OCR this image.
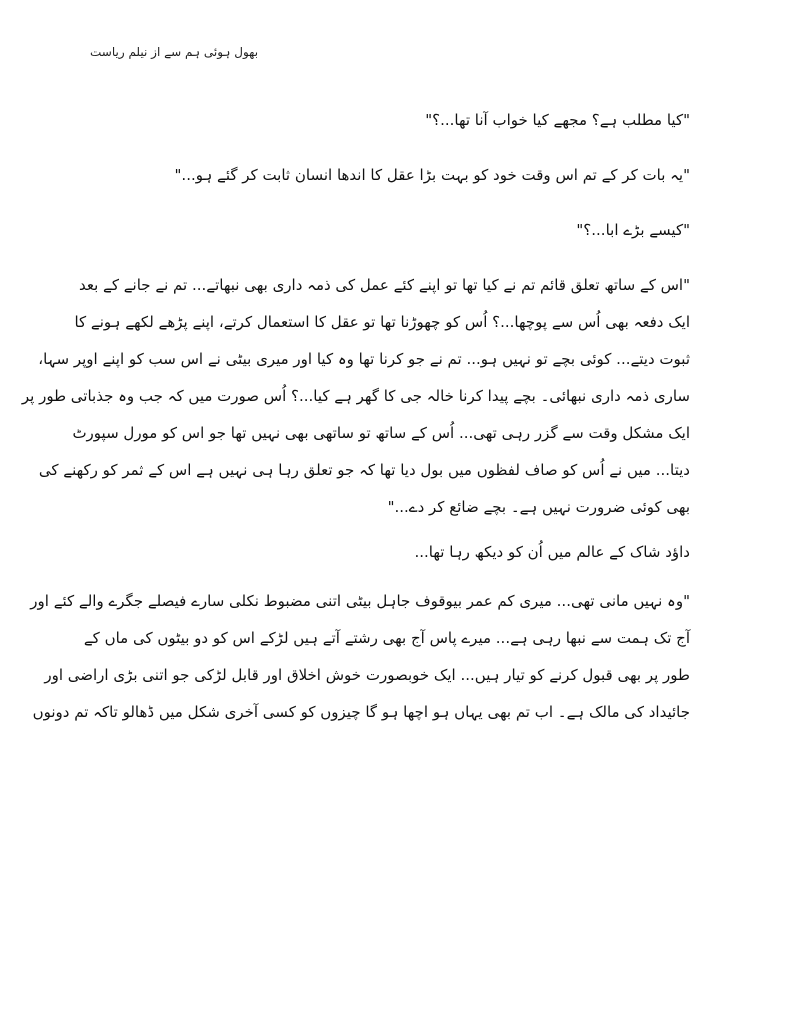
بھول ہوئی ہم سے از نیلم ریاست
"کیا مطلب ہے؟ مجھے کیا خواب آنا تھا...؟"
"یہ بات کر کے تم اس وقت خود کو بہت بڑا عقل کا اندھا انسان ثابت کر گئے ہو..."
"کیسے بڑے ابا...؟"
"اس کے ساتھ تعلق قائم تم نے کیا تھا تو اپنے کئے عمل کی ذمہ داری بھی نبھاتے... تم نے جانے کے بعد
ایک دفعہ بھی اُس سے پوچھا...؟ اُس کو چھوڑنا تھا تو عقل کا استعمال کرتے، اپنے پڑھے لکھے ہونے کا
ثبوت دیتے... کوئی بچے تو نہیں ہو... تم نے جو کرنا تھا وہ کیا اور میری بیٹی نے اس سب کو اپنے اوپر سہا،
ساری ذمہ داری نبھائی۔ بچے پیدا کرنا خالہ جی کا گھر ہے کیا...؟ اُس صورت میں کہ جب وہ جذباتی طور پر
ایک مشکل وقت سے گزر رہی تھی... اُس کے ساتھ تو ساتھی بھی نہیں تھا جو اس کو مورل سپورٹ
دیتا... میں نے اُس کو صاف لفظوں میں بول دیا تھا کہ جو تعلق رہا ہی نہیں ہے اس کے ثمر کو رکھنے کی
بھی کوئی ضرورت نہیں ہے۔ بچے ضائع کر دے..."
داؤد شاک کے عالم میں اُن کو دیکھ رہا تھا...
"وہ نہیں مانی تھی... میری کم عمر بیوقوف جاہل بیٹی اتنی مضبوط نکلی سارے فیصلے جگرے والے کئے اور
آج تک ہمت سے نبھا رہی ہے... میرے پاس آج بھی رشتے آتے ہیں لڑکے اس کو دو بیٹوں کی ماں کے
طور پر بھی قبول کرنے کو تیار ہیں... ایک خوبصورت خوش اخلاق اور قابل لڑکی جو اتنی بڑی اراضی اور
جائیداد کی مالک ہے۔ اب تم بھی یہاں ہو اچھا ہو گا چیزوں کو کسی آخری شکل میں ڈھالو تاکہ تم دونوں
